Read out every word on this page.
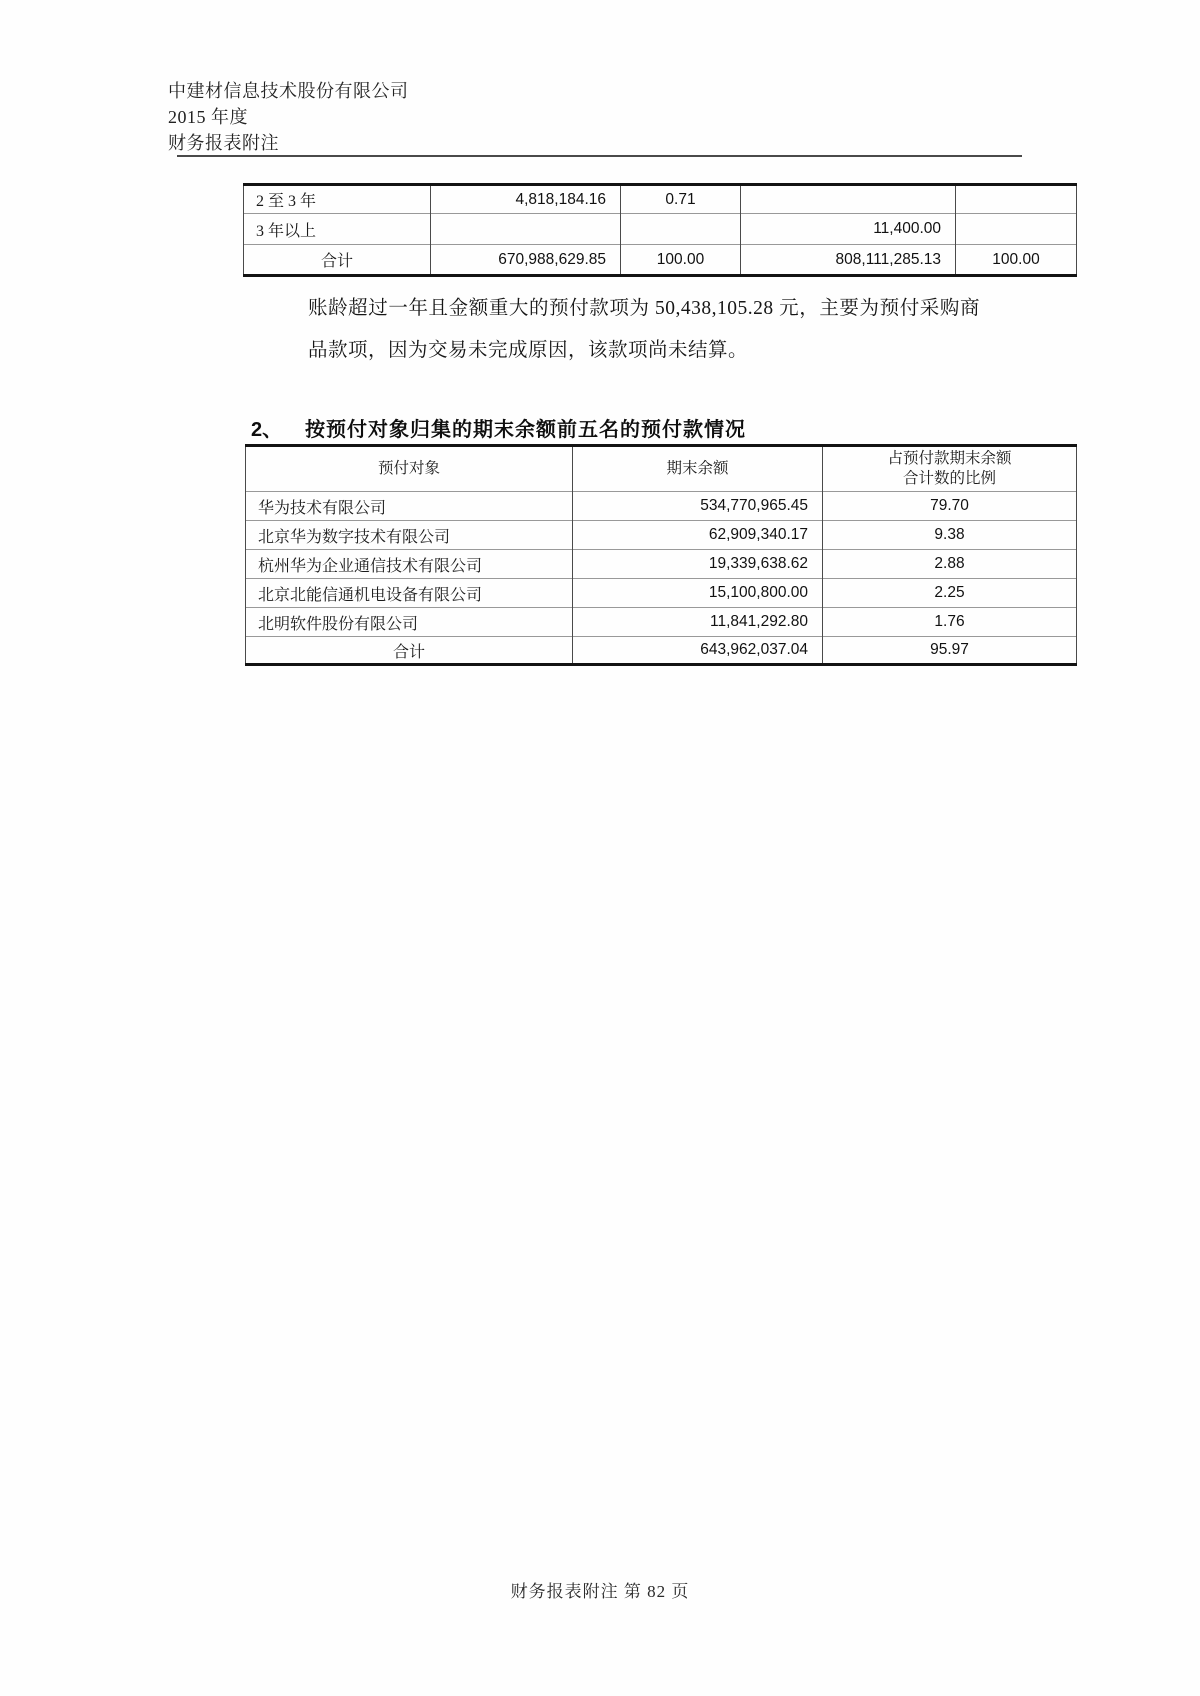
中建材信息技术股份有限公司
2015 年度
财务报表附注
2 至 3 年	4,818,184.16	0.71		
3 年以上			11,400.00	
合计	670,988,629.85	100.00	808,111,285.13	100.00
账龄超过一年且金额重大的预付款项为 50,438,105.28 元，主要为预付采购商品款项，因为交易未完成原因，该款项尚未结算。
2、	按预付对象归集的期末余额前五名的预付款情况
预付对象	期末余额	占预付款期末余额
合计数的比例

华为技术有限公司	534,770,965.45	79.70
北京华为数字技术有限公司	62,909,340.17	9.38
杭州华为企业通信技术有限公司	19,339,638.62	2.88
北京北能信通机电设备有限公司	15,100,800.00	2.25
北明软件股份有限公司	11,841,292.80	1.76
合计	643,962,037.04	95.97
财务报表附注 第 82 页
